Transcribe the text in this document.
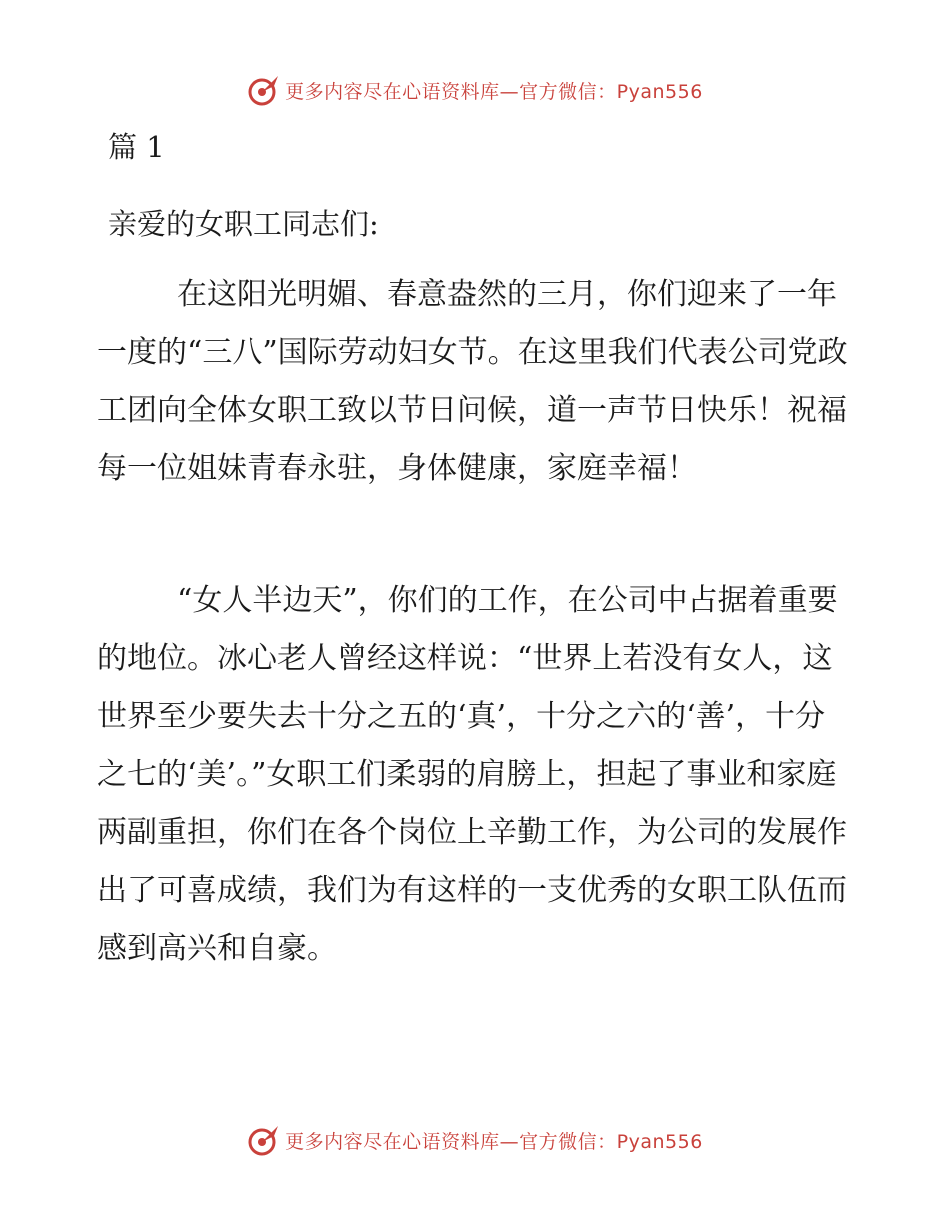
更多内容尽在心语资料库—官方微信：Pyan556
篇 1
亲爱的女职工同志们:

在这阳光明媚、春意盎然的三月，你们迎来了一年一度的“三八”国际劳动妇女节。在这里我们代表公司党政工团向全体女职工致以节日问候，道一声节日快乐！祝福每一位姐妹青春永驻，身体健康，家庭幸福！

“女人半边天”，你们的工作，在公司中占据着重要的地位。冰心老人曾经这样说：“世界上若没有女人，这世界至少要失去十分之五的‘真’，十分之六的‘善’，十分之七的‘美’。”女职工们柔弱的肩膀上，担起了事业和家庭两副重担，你们在各个岗位上辛勤工作，为公司的发展作出了可喜成绩，我们为有这样的一支优秀的女职工队伍而感到高兴和自豪。

更多内容尽在心语资料库—官方微信：Pyan556
